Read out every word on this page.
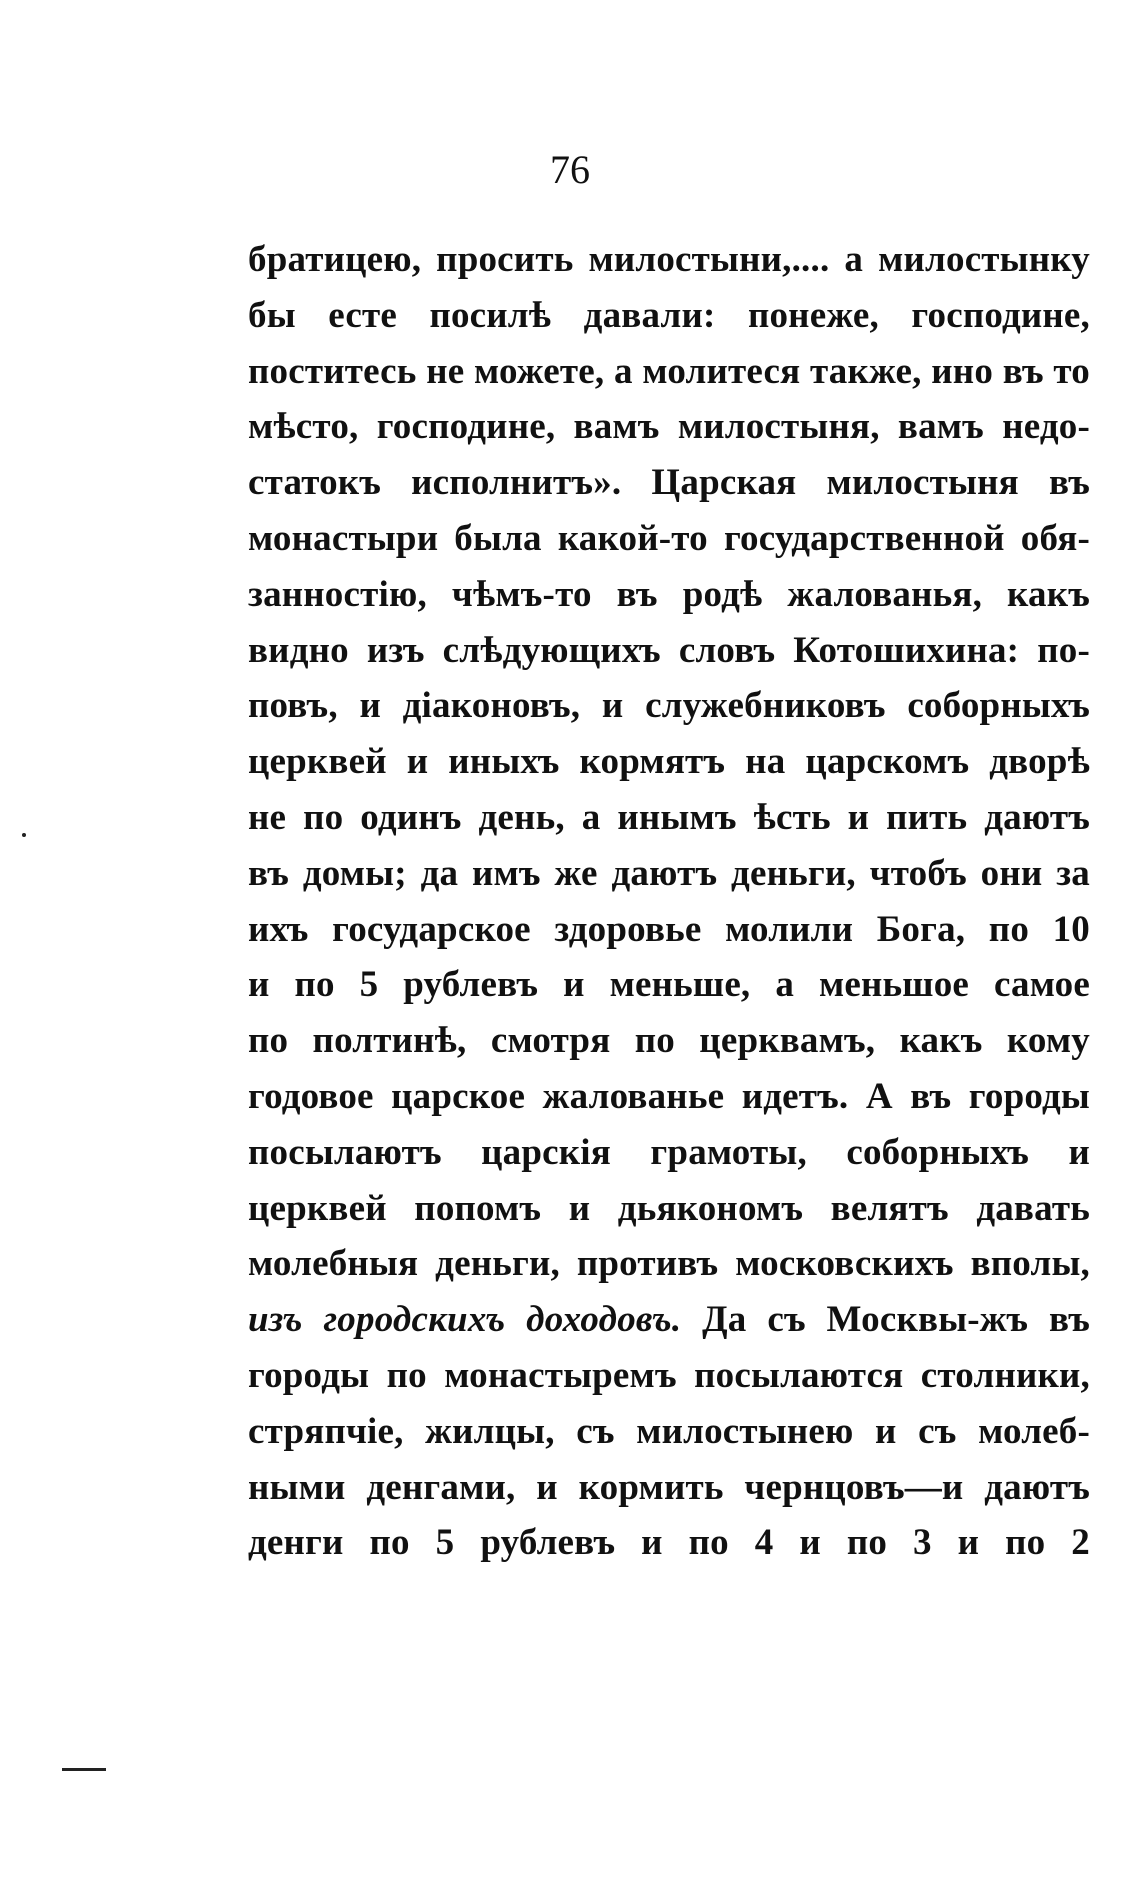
76
братицею, просить милостыни,.... а милостынку
бы есте посилѣ давали: понеже, господине,
поститесь не можете, а молитеся также, ино въ то
мѣсто, господине, вамъ милостыня, вамъ недо-
статокъ исполнитъ». Царская милостыня въ
монастыри была какой-то государственной обя-
занностію, чѣмъ-то въ родѣ жалованья, какъ
видно изъ слѣдующихъ словъ Котошихина: по-
повъ, и діаконовъ, и служебниковъ соборныхъ
церквей и иныхъ кормятъ на царскомъ дворѣ
не по одинъ день, а инымъ ѣсть и пить даютъ
въ домы; да имъ же даютъ деньги, чтобъ они за
ихъ государское здоровье молили Бога, по 10
и по 5 рублевъ и меньше, а меньшое самое
по полтинѣ, смотря по церквамъ, какъ кому
годовое царское жалованье идетъ. А въ городы
посылаютъ царскія грамоты, соборныхъ и
церквей попомъ и дьякономъ велятъ давать
молебныя деньги, противъ московскихъ вполы,
изъ городскихъ доходовъ. Да съ Москвы-жъ въ
городы по монастыремъ посылаются столники,
стряпчіе, жилцы, съ милостынею и съ молеб-
ными денгами, и кормить чернцовъ—и даютъ
денги по 5 рублевъ и по 4 и по 3 и по 2
